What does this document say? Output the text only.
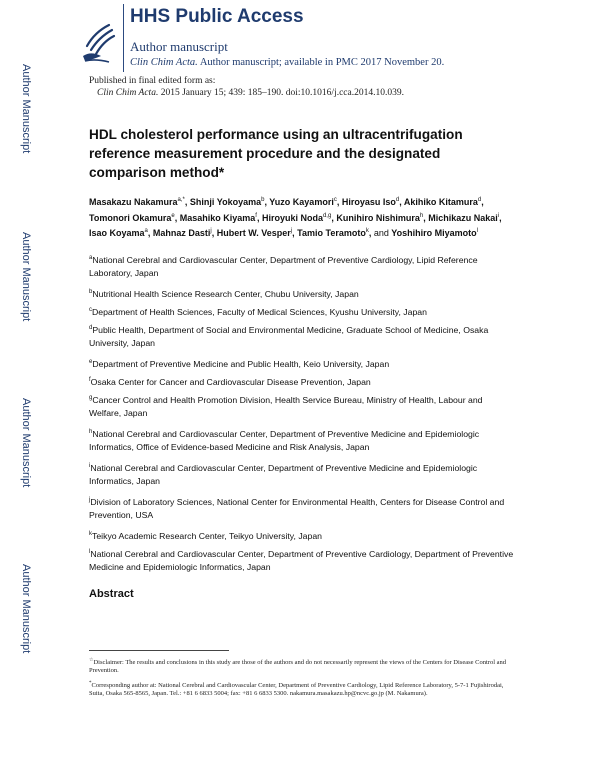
Author Manuscript
Author Manuscript
Author Manuscript
Author Manuscript
HHS Public Access
Author manuscript
Clin Chim Acta. Author manuscript; available in PMC 2017 November 20.
Published in final edited form as:
Clin Chim Acta. 2015 January 15; 439: 185–190. doi:10.1016/j.cca.2014.10.039.
HDL cholesterol performance using an ultracentrifugation reference measurement procedure and the designated comparison method*
Masakazu Nakamura$^{a,*}$, Shinji Yokoyama$^b$, Yuzo Kayamori$^c$, Hiroyasu Iso$^d$, Akihiko Kitamura$^d$, Tomonori Okamura$^e$, Masahiko Kiyama$^f$, Hiroyuki Noda$^{d,g}$, Kunihiro Nishimura$^h$, Michikazu Nakai$^i$, Isao Koyama$^a$, Mahnaz Dasti$^j$, Hubert W. Vesper$^j$, Tamio Teramoto$^k$, and Yoshihiro Miyamoto$^l$
$^a$National Cerebral and Cardiovascular Center, Department of Preventive Cardiology, Lipid Reference Laboratory, Japan
$^b$Nutritional Health Science Research Center, Chubu University, Japan
$^c$Department of Health Sciences, Faculty of Medical Sciences, Kyushu University, Japan
$^d$Public Health, Department of Social and Environmental Medicine, Graduate School of Medicine, Osaka University, Japan
$^e$Department of Preventive Medicine and Public Health, Keio University, Japan
$^f$Osaka Center for Cancer and Cardiovascular Disease Prevention, Japan
$^g$Cancer Control and Health Promotion Division, Health Service Bureau, Ministry of Health, Labour and Welfare, Japan
$^h$National Cerebral and Cardiovascular Center, Department of Preventive Medicine and Epidemiologic Informatics, Office of Evidence-based Medicine and Risk Analysis, Japan
$^i$National Cerebral and Cardiovascular Center, Department of Preventive Medicine and Epidemiologic Informatics, Japan
$^j$Division of Laboratory Sciences, National Center for Environmental Health, Centers for Disease Control and Prevention, USA
$^k$Teikyo Academic Research Center, Teikyo University, Japan
$^l$National Cerebral and Cardiovascular Center, Department of Preventive Cardiology, Department of Preventive Medicine and Epidemiologic Informatics, Japan
Abstract
☆Disclaimer: The results and conclusions in this study are those of the authors and do not necessarily represent the views of the Centers for Disease Control and Prevention.
*Corresponding author at: National Cerebral and Cardiovascular Center, Department of Preventive Cardiology, Lipid Reference Laboratory, 5-7-1 Fujishirodai, Suita, Osaka 565-8565, Japan. Tel.: +81 6 6833 5004; fax: +81 6 6833 5300. nakamura.masakazu.hp@ncvc.go.jp (M. Nakamura).
